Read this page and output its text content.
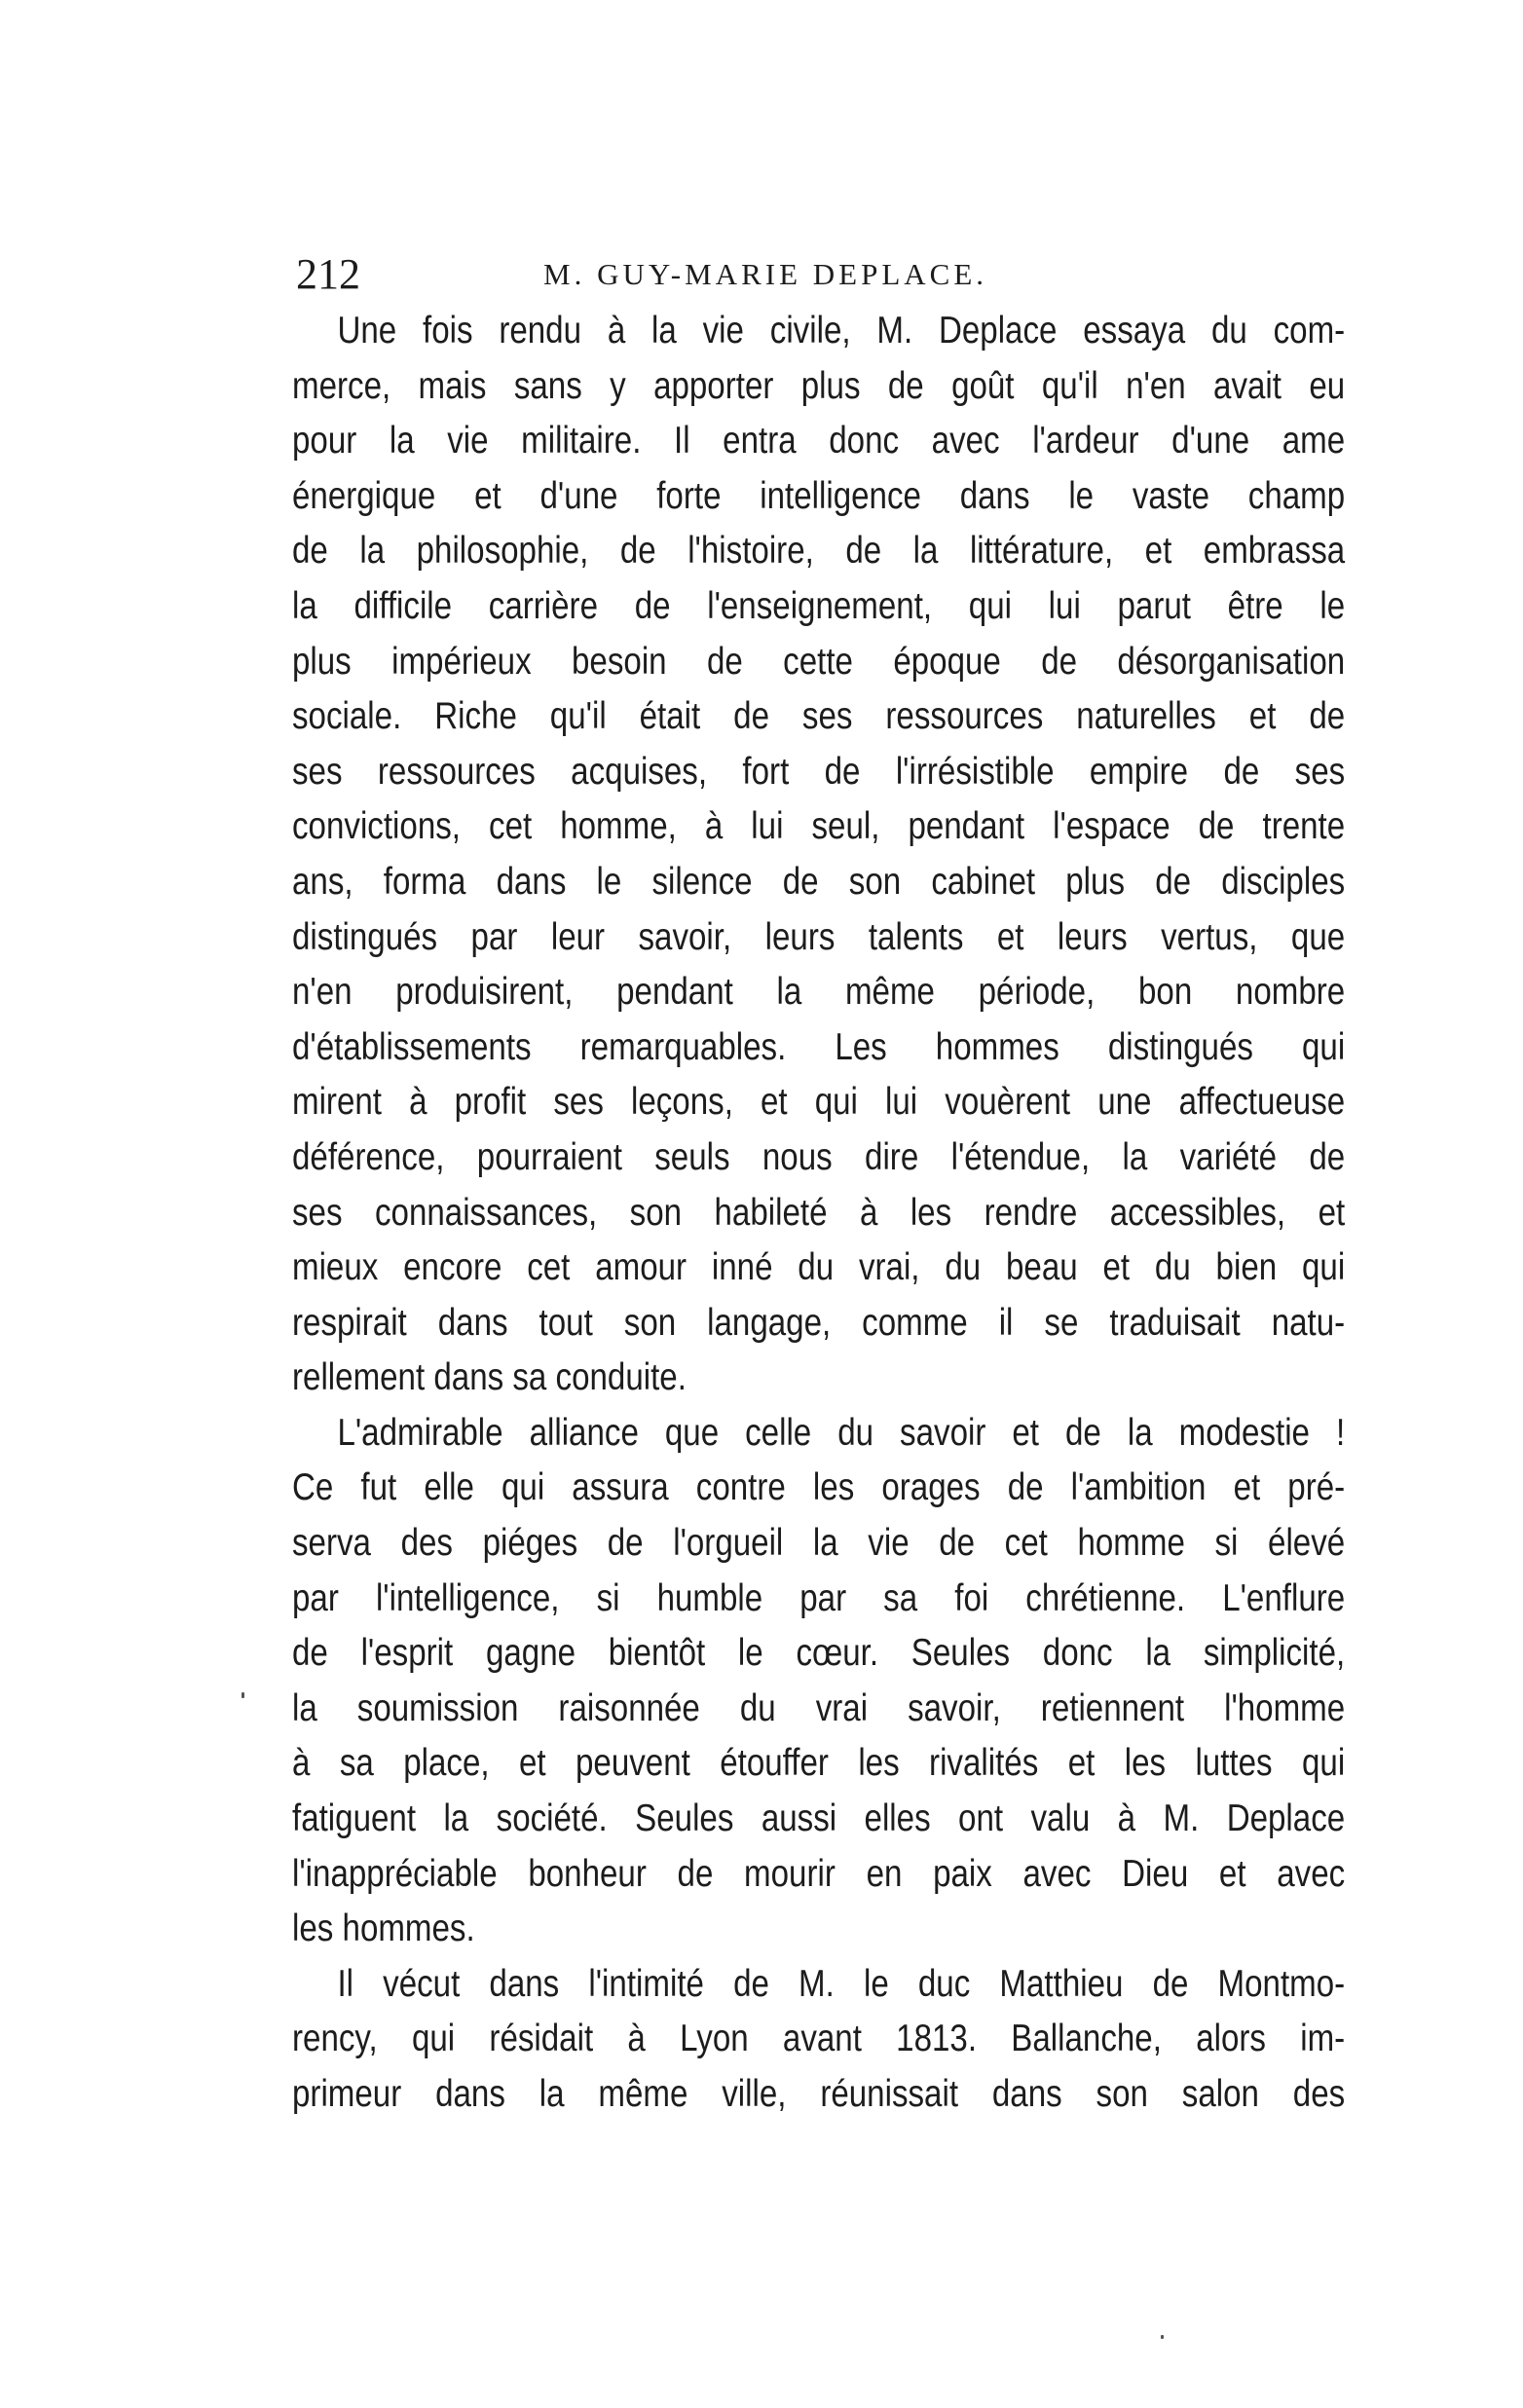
212	M. GUY-MARIE DEPLACE.
Une fois rendu à la vie civile, M. Deplace essaya du com-
merce, mais sans y apporter plus de goût qu'il n'en avait eu
pour la vie militaire. Il entra donc avec l'ardeur d'une ame
énergique et d'une forte intelligence dans le vaste champ
de la philosophie, de l'histoire, de la littérature, et embrassa
la difficile carrière de l'enseignement, qui lui parut être le
plus impérieux besoin de cette époque de désorganisation
sociale. Riche qu'il était de ses ressources naturelles et de
ses ressources acquises, fort de l'irrésistible empire de ses
convictions, cet homme, à lui seul, pendant l'espace de trente
ans, forma dans le silence de son cabinet plus de disciples
distingués par leur savoir, leurs talents et leurs vertus, que
n'en produisirent, pendant la même période, bon nombre
d'établissements remarquables. Les hommes distingués qui
mirent à profit ses leçons, et qui lui vouèrent une affectueuse
déférence, pourraient seuls nous dire l'étendue, la variété de
ses connaissances, son habileté à les rendre accessibles, et
mieux encore cet amour inné du vrai, du beau et du bien qui
respirait dans tout son langage, comme il se traduisait natu-
rellement dans sa conduite.
L'admirable alliance que celle du savoir et de la modestie !
Ce fut elle qui assura contre les orages de l'ambition et pré-
serva des piéges de l'orgueil la vie de cet homme si élevé
par l'intelligence, si humble par sa foi chrétienne. L'enflure
de l'esprit gagne bientôt le cœur. Seules donc la simplicité,
la soumission raisonnée du vrai savoir, retiennent l'homme
à sa place, et peuvent étouffer les rivalités et les luttes qui
fatiguent la société. Seules aussi elles ont valu à M. Deplace
l'inappréciable bonheur de mourir en paix avec Dieu et avec
les hommes.
Il vécut dans l'intimité de M. le duc Matthieu de Montmo-
rency, qui résidait à Lyon avant 1813. Ballanche, alors im-
primeur dans la même ville, réunissait dans son salon des
